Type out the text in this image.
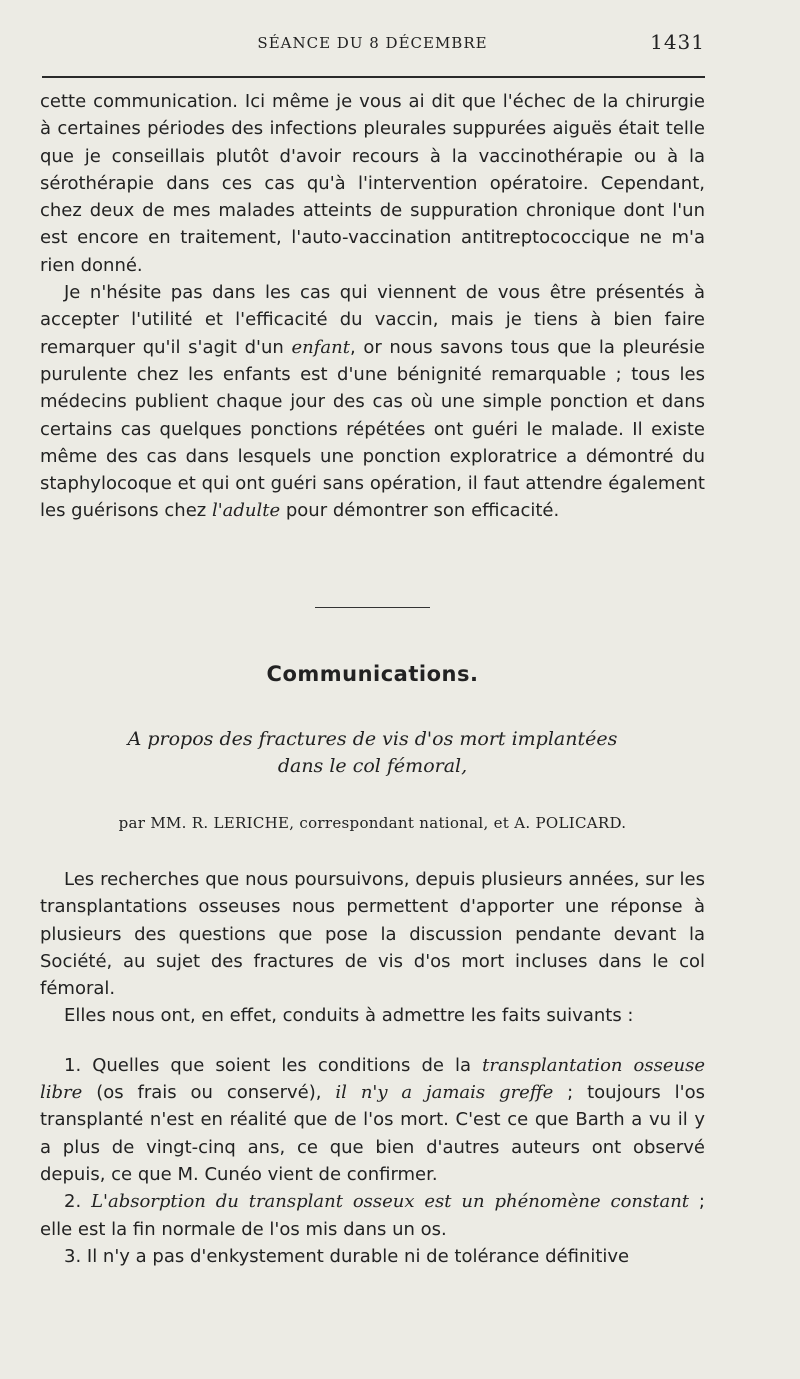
SÉANCE DU 8 DÉCEMBRE	1431

cette communication. Ici même je vous ai dit que l'échec de la chirurgie à certaines périodes des infections pleurales suppurées aiguës était telle que je conseillais plutôt d'avoir recours à la vaccinothérapie ou à la sérothérapie dans ces cas qu'à l'intervention opératoire. Cependant, chez deux de mes malades atteints de suppuration chronique dont l'un est encore en traitement, l'auto-vaccination antitreptococcique ne m'a rien donné.

Je n'hésite pas dans les cas qui viennent de vous être présentés à accepter l'utilité et l'efficacité du vaccin, mais je tiens à bien faire remarquer qu'il s'agit d'un enfant, or nous savons tous que la pleurésie purulente chez les enfants est d'une bénignité remarquable ; tous les médecins publient chaque jour des cas où une simple ponction et dans certains cas quelques ponctions répétées ont guéri le malade. Il existe même des cas dans lesquels une ponction exploratrice a démontré du staphylocoque et qui ont guéri sans opération, il faut attendre également les guérisons chez l'adulte pour démontrer son efficacité.

Communications.
A propos des fractures de vis d'os mort implantées
dans le col fémoral,
par MM. R. LERICHE, correspondant national, et A. POLICARD.

Les recherches que nous poursuivons, depuis plusieurs années, sur les transplantations osseuses nous permettent d'apporter une réponse à plusieurs des questions que pose la discussion pendante devant la Société, au sujet des fractures de vis d'os mort incluses dans le col fémoral.

Elles nous ont, en effet, conduits à admettre les faits suivants :

1. Quelles que soient les conditions de la transplantation osseuse libre (os frais ou conservé), il n'y a jamais greffe ; toujours l'os transplanté n'est en réalité que de l'os mort. C'est ce que Barth a vu il y a plus de vingt-cinq ans, ce que bien d'autres auteurs ont observé depuis, ce que M. Cunéo vient de confirmer.

2. L'absorption du transplant osseux est un phénomène constant ; elle est la fin normale de l'os mis dans un os.

3. Il n'y a pas d'enkystement durable ni de tolérance définitive
